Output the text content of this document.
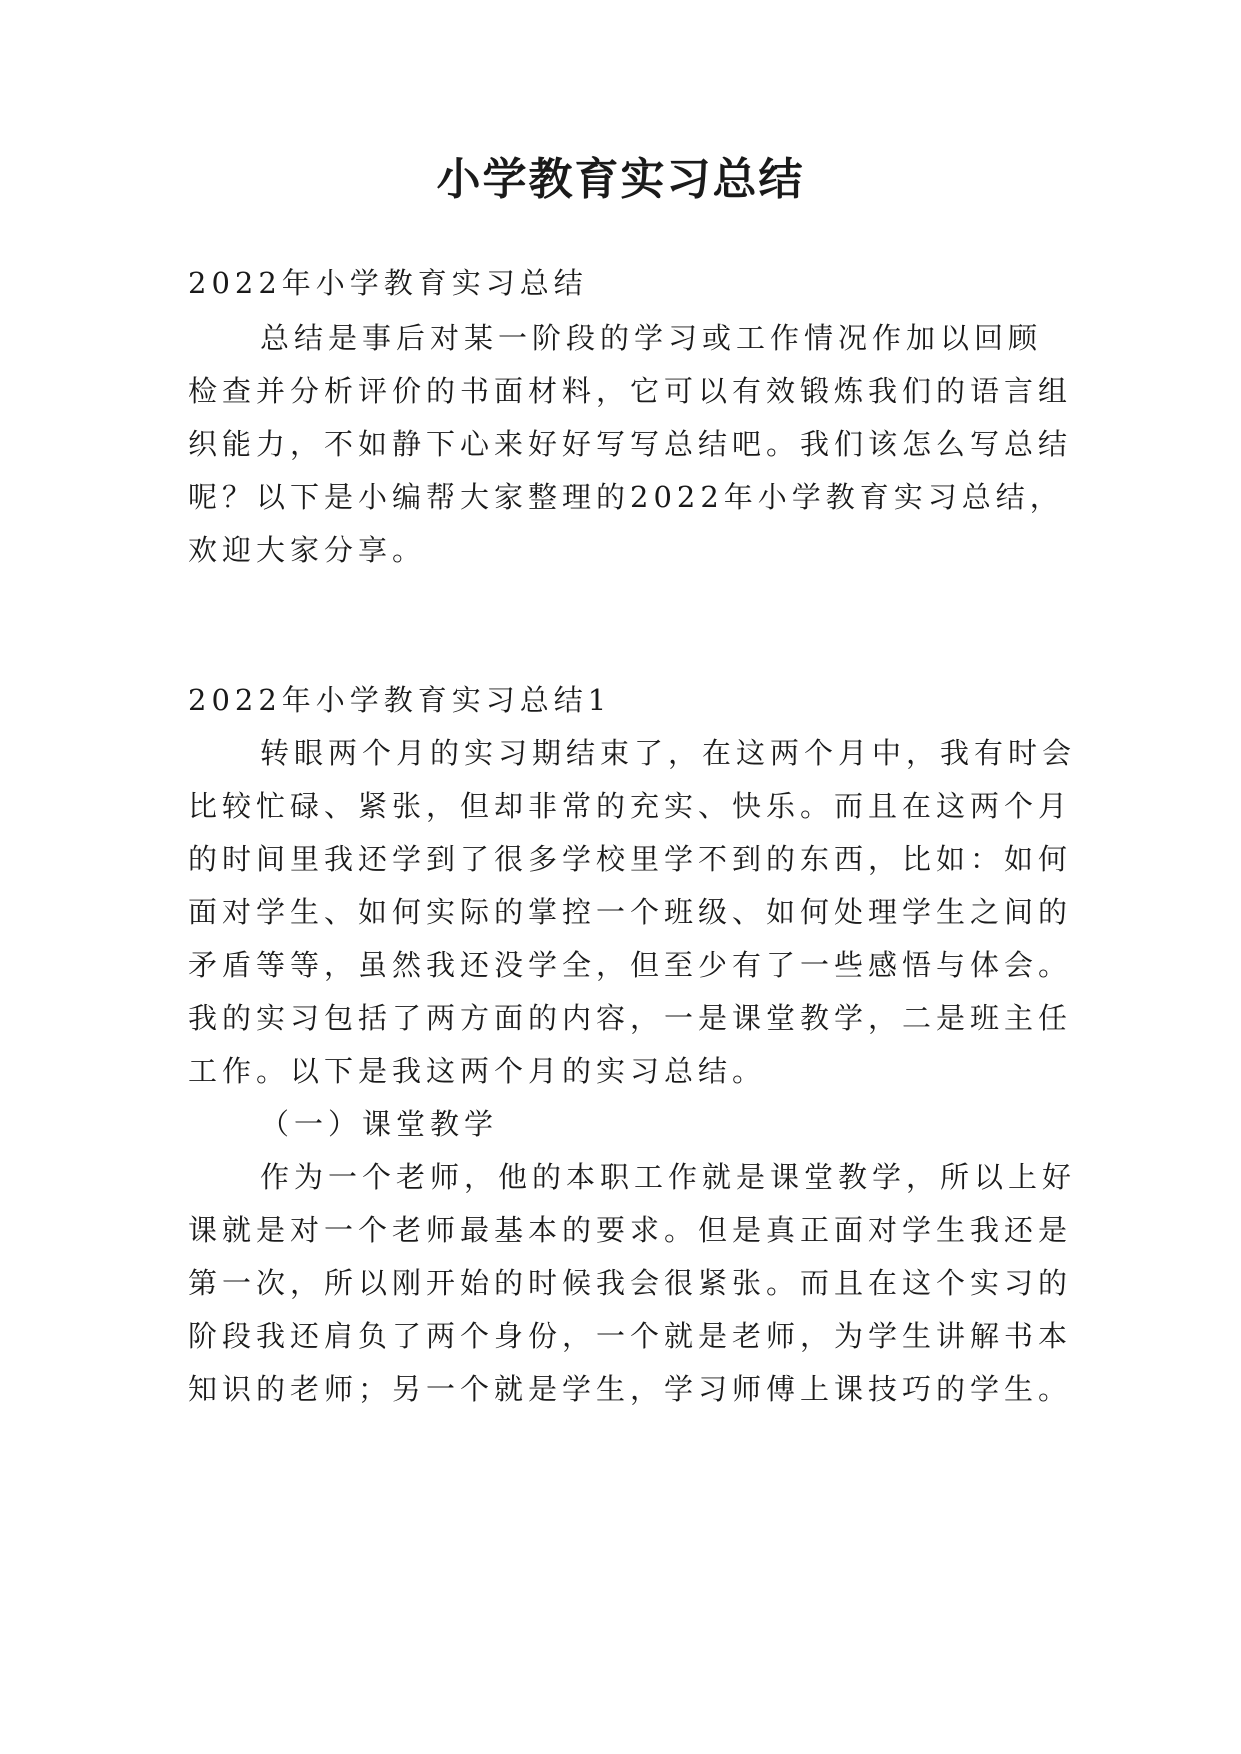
小学教育实习总结

2022年小学教育实习总结

总结是事后对某一阶段的学习或工作情况作加以回顾

检查并分析评价的书面材料，它可以有效锻炼我们的语言组

织能力，不如静下心来好好写写总结吧。我们该怎么写总结

呢？以下是小编帮大家整理的2022年小学教育实习总结，

欢迎大家分享。

2022年小学教育实习总结1

转眼两个月的实习期结束了，在这两个月中，我有时会

比较忙碌、紧张，但却非常的充实、快乐。而且在这两个月

的时间里我还学到了很多学校里学不到的东西，比如：如何

面对学生、如何实际的掌控一个班级、如何处理学生之间的

矛盾等等，虽然我还没学全，但至少有了一些感悟与体会。

我的实习包括了两方面的内容，一是课堂教学，二是班主任

工作。以下是我这两个月的实习总结。

（一）课堂教学

作为一个老师，他的本职工作就是课堂教学，所以上好

课就是对一个老师最基本的要求。但是真正面对学生我还是

第一次，所以刚开始的时候我会很紧张。而且在这个实习的

阶段我还肩负了两个身份，一个就是老师，为学生讲解书本

知识的老师；另一个就是学生，学习师傅上课技巧的学生。
